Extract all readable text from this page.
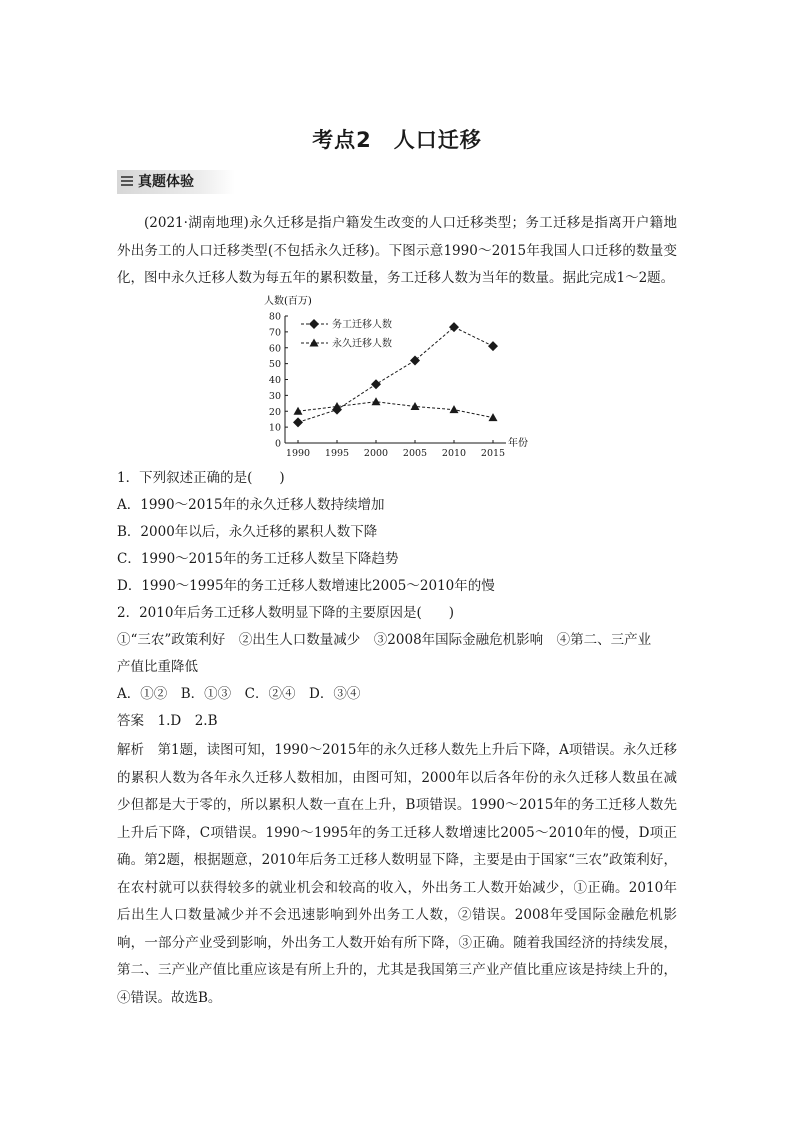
考点2　人口迁移
真题体验

(2021·湖南地理)永久迁移是指户籍发生改变的人口迁移类型；务工迁移是指离开户籍地外出务工的人口迁移类型(不包括永久迁移)。下图示意1990～2015年我国人口迁移的数量变化，图中永久迁移人数为每五年的累积数量，务工迁移人数为当年的数量。据此完成1～2题。

人数(百万)
年份
0
10
20
30
40
50
60
70
80
1990 1995 2000 2005 2010 2015
务工迁移人数
永久迁移人数
1．下列叙述正确的是(　　)
A．1990～2015年的永久迁移人数持续增加
B．2000年以后，永久迁移的累积人数下降
C．1990～2015年的务工迁移人数呈下降趋势
D．1990～1995年的务工迁移人数增速比2005～2010年的慢
2．2010年后务工迁移人数明显下降的主要原因是(　　)
①“三农”政策利好　②出生人口数量减少　③2008年国际金融危机影响　④第二、三产业
产值比重降低
A．①②　B．①③　C．②④　D．③④
答案　1.D　2.B

解析　第1题，读图可知，1990～2015年的永久迁移人数先上升后下降，A项错误。永久迁移的累积人数为各年永久迁移人数相加，由图可知，2000年以后各年份的永久迁移人数虽在减少但都是大于零的，所以累积人数一直在上升，B项错误。1990～2015年的务工迁移人数先上升后下降，C项错误。1990～1995年的务工迁移人数增速比2005～2010年的慢，D项正确。第2题，根据题意，2010年后务工迁移人数明显下降，主要是由于国家“三农”政策利好，在农村就可以获得较多的就业机会和较高的收入，外出务工人数开始减少，①正确。2010年后出生人口数量减少并不会迅速影响到外出务工人数，②错误。2008年受国际金融危机影响，一部分产业受到影响，外出务工人数开始有所下降，③正确。随着我国经济的持续发展，第二、三产业产值比重应该是有所上升的，尤其是我国第三产业产值比重应该是持续上升的，④错误。故选B。
